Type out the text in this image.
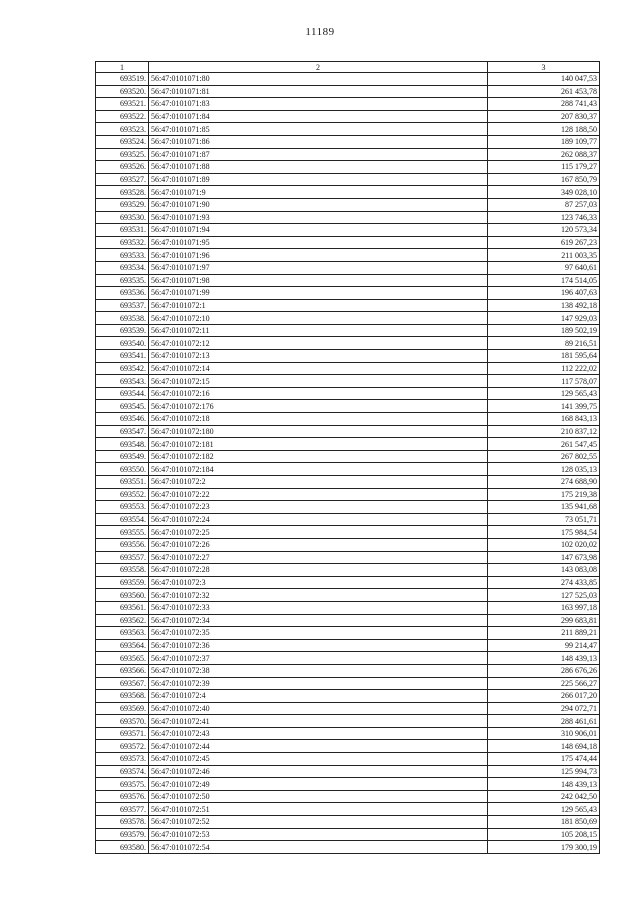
11189
1	2	3
693519.	56:47:0101071:80	140 047,53
693520.	56:47:0101071:81	261 453,78
693521.	56:47:0101071:83	288 741,43
693522.	56:47:0101071:84	207 830,37
693523.	56:47:0101071:85	128 188,50
693524.	56:47:0101071:86	189 109,77
693525.	56:47:0101071:87	262 088,37
693526.	56:47:0101071:88	115 179,27
693527.	56:47:0101071:89	167 850,79
693528.	56:47:0101071:9	349 028,10
693529.	56:47:0101071:90	87 257,03
693530.	56:47:0101071:93	123 746,33
693531.	56:47:0101071:94	120 573,34
693532.	56:47:0101071:95	619 267,23
693533.	56:47:0101071:96	211 003,35
693534.	56:47:0101071:97	97 640,61
693535.	56:47:0101071:98	174 514,05
693536.	56:47:0101071:99	196 407,63
693537.	56:47:0101072:1	138 492,18
693538.	56:47:0101072:10	147 929,03
693539.	56:47:0101072:11	189 502,19
693540.	56:47:0101072:12	89 216,51
693541.	56:47:0101072:13	181 595,64
693542.	56:47:0101072:14	112 222,02
693543.	56:47:0101072:15	117 578,07
693544.	56:47:0101072:16	129 565,43
693545.	56:47:0101072:176	141 399,75
693546.	56:47:0101072:18	168 843,13
693547.	56:47:0101072:180	210 837,12
693548.	56:47:0101072:181	261 547,45
693549.	56:47:0101072:182	267 802,55
693550.	56:47:0101072:184	128 035,13
693551.	56:47:0101072:2	274 688,90
693552.	56:47:0101072:22	175 219,38
693553.	56:47:0101072:23	135 941,68
693554.	56:47:0101072:24	73 051,71
693555.	56:47:0101072:25	175 984,54
693556.	56:47:0101072:26	102 020,02
693557.	56:47:0101072:27	147 673,98
693558.	56:47:0101072:28	143 083,08
693559.	56:47:0101072:3	274 433,85
693560.	56:47:0101072:32	127 525,03
693561.	56:47:0101072:33	163 997,18
693562.	56:47:0101072:34	299 683,81
693563.	56:47:0101072:35	211 889,21
693564.	56:47:0101072:36	99 214,47
693565.	56:47:0101072:37	148 439,13
693566.	56:47:0101072:38	286 676,26
693567.	56:47:0101072:39	225 566,27
693568.	56:47:0101072:4	266 017,20
693569.	56:47:0101072:40	294 072,71
693570.	56:47:0101072:41	288 461,61
693571.	56:47:0101072:43	310 906,01
693572.	56:47:0101072:44	148 694,18
693573.	56:47:0101072:45	175 474,44
693574.	56:47:0101072:46	125 994,73
693575.	56:47:0101072:49	148 439,13
693576.	56:47:0101072:50	242 042,50
693577.	56:47:0101072:51	129 565,43
693578.	56:47:0101072:52	181 850,69
693579.	56:47:0101072:53	105 208,15
693580.	56:47:0101072:54	179 300,19
